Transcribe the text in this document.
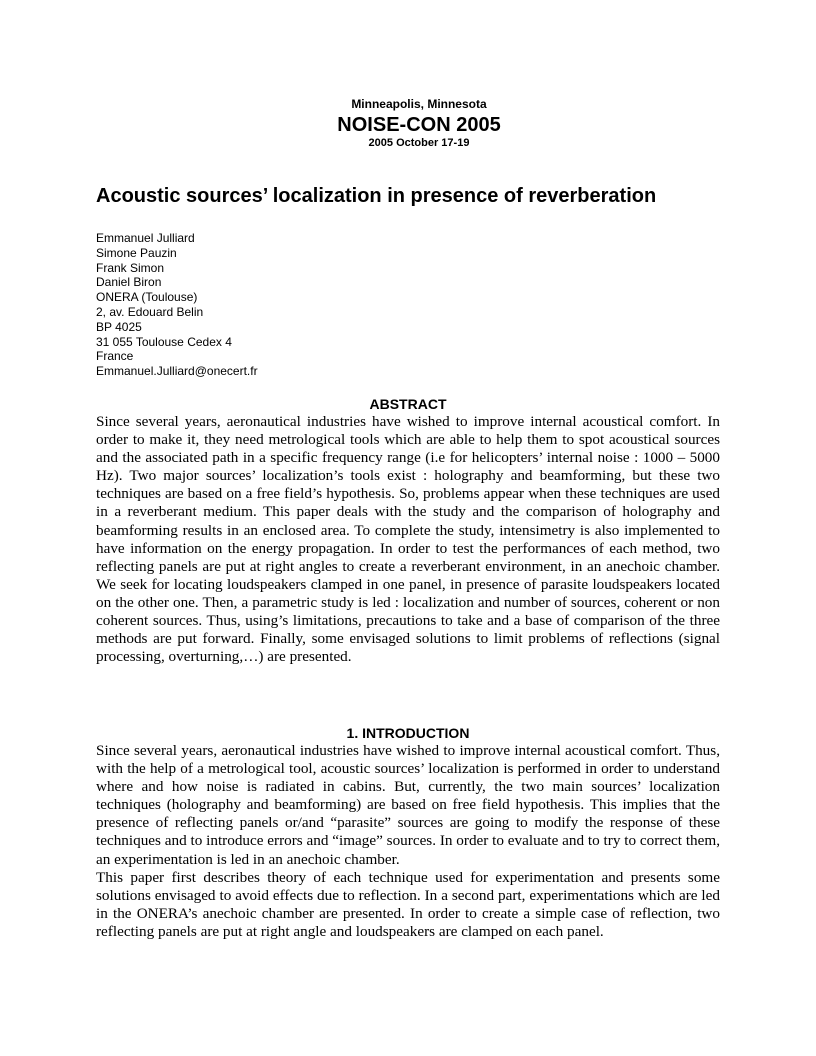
Minneapolis, Minnesota
NOISE-CON 2005
2005 October 17-19
Acoustic sources’ localization in presence of reverberation
Emmanuel Julliard
Simone Pauzin
Frank Simon
Daniel Biron
ONERA (Toulouse)
2, av. Edouard Belin
BP 4025
31 055 Toulouse Cedex 4
France
Emmanuel.Julliard@onecert.fr
ABSTRACT

Since several years, aeronautical industries have wished to improve internal acoustical comfort. In order to make it, they need metrological tools which are able to help them to spot acoustical sources and the associated path in a specific frequency range (i.e for helicopters’ internal noise : 1000 – 5000 Hz). Two major sources’ localization’s tools exist : holography and beamforming, but these two techniques are based on a free field’s hypothesis. So, problems appear when these techniques are used in a reverberant medium. This paper deals with the study and the comparison of holography and beamforming results in an enclosed area. To complete the study, intensimetry is also implemented to have information on the energy propagation. In order to test the performances of each method, two reflecting panels are put at right angles to create a reverberant environment, in an anechoic chamber. We seek for locating loudspeakers clamped in one panel, in presence of parasite loudspeakers located on the other one. Then, a parametric study is led : localization and number of sources, coherent or non coherent sources. Thus, using’s limitations, precautions to take and a base of comparison of the three methods are put forward. Finally, some envisaged solutions to limit problems of reflections (signal processing, overturning,…) are presented.

1. INTRODUCTION

Since several years, aeronautical industries have wished to improve internal acoustical comfort. Thus, with the help of a metrological tool, acoustic sources’ localization is performed in order to understand where and how noise is radiated in cabins. But, currently, the two main sources’ localization techniques (holography and beamforming) are based on free field hypothesis. This implies that the presence of reflecting panels or/and “parasite” sources are going to modify the response of these techniques and to introduce errors and “image” sources. In order to evaluate and to try to correct them, an experimentation is led in an anechoic chamber.

This paper first describes theory of each technique used for experimentation and presents some solutions envisaged to avoid effects due to reflection. In a second part, experimentations which are led in the ONERA’s anechoic chamber are presented. In order to create a simple case of reflection, two reflecting panels are put at right angle and loudspeakers are clamped on each panel.
